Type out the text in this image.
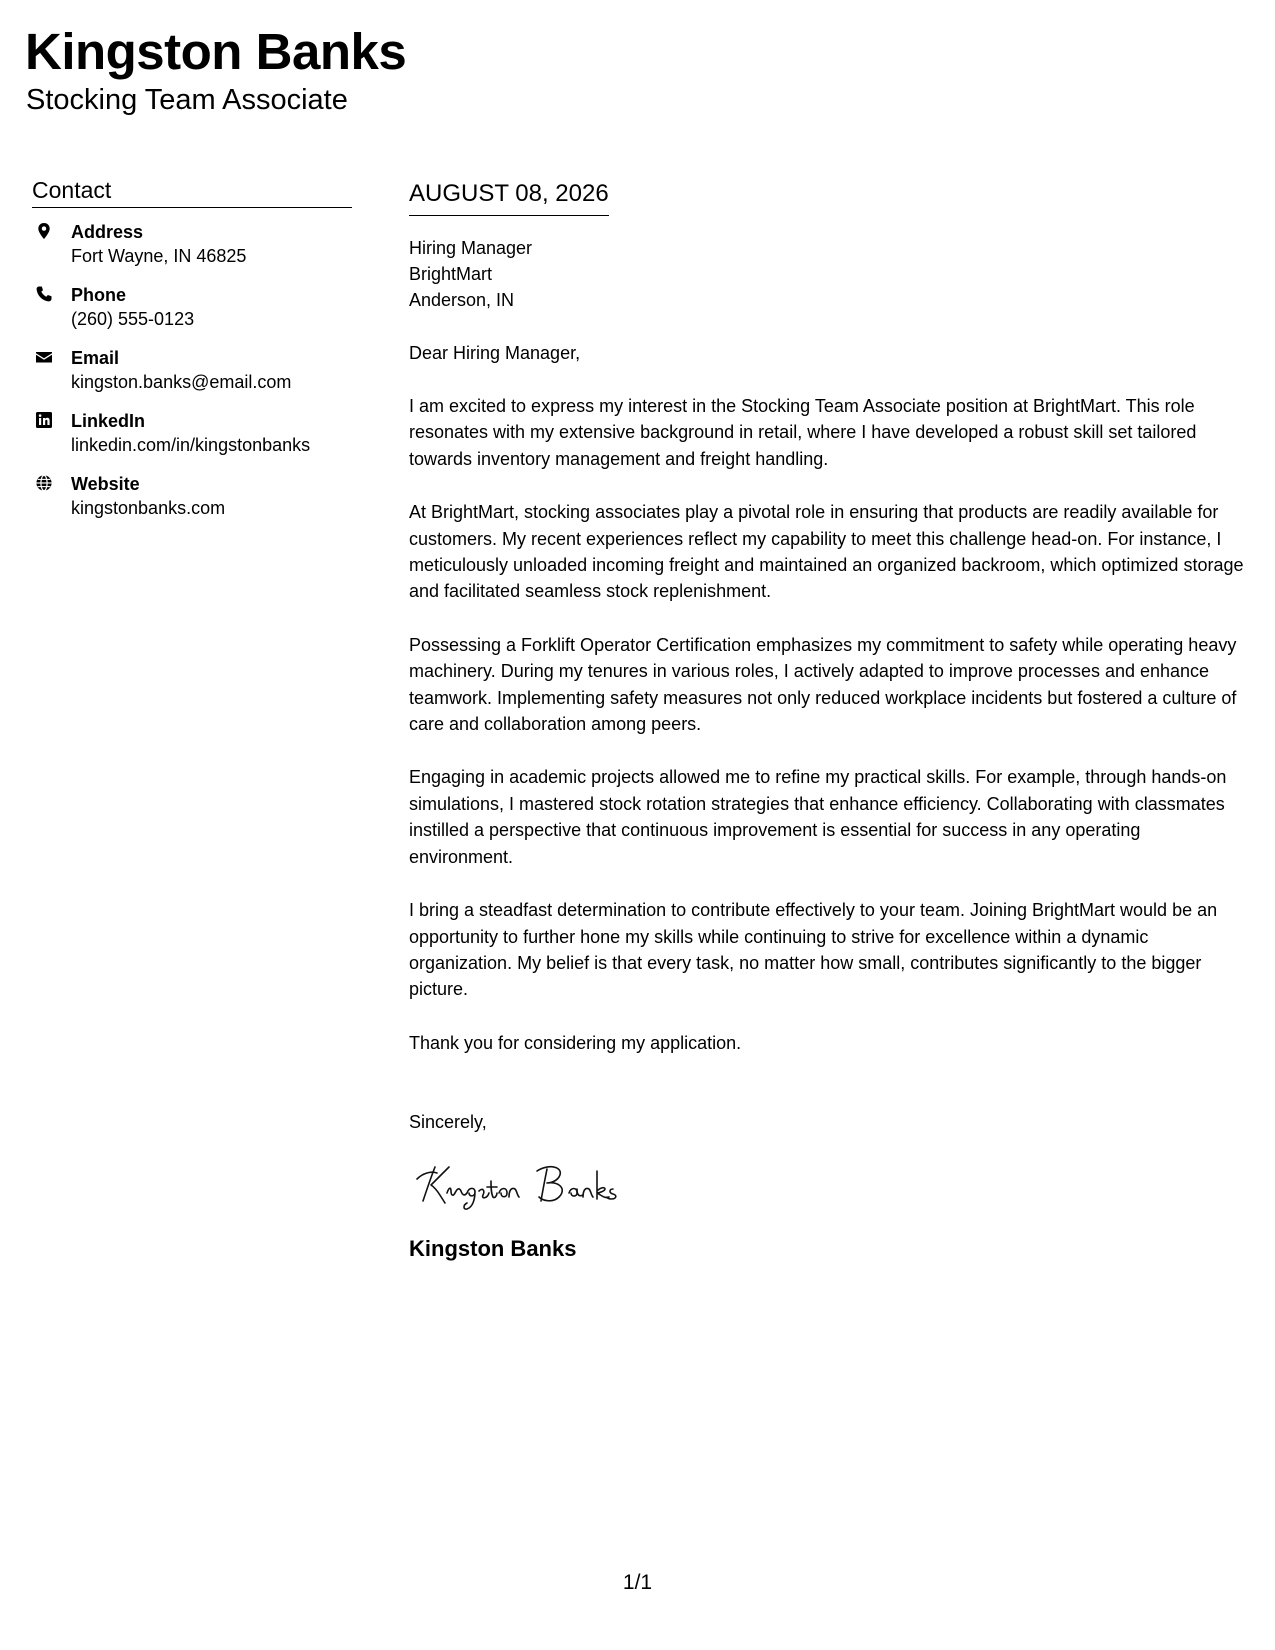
Kingston Banks
Stocking Team Associate
Contact
Address
Fort Wayne, IN 46825
Phone
(260) 555-0123
Email
kingston.banks@email.com
LinkedIn
linkedin.com/in/kingstonbanks
Website
kingstonbanks.com
AUGUST 08, 2026
Hiring Manager
BrightMart
Anderson, IN
Dear Hiring Manager,
I am excited to express my interest in the Stocking Team Associate position at BrightMart. This role resonates with my extensive background in retail, where I have developed a robust skill set tailored towards inventory management and freight handling.
At BrightMart, stocking associates play a pivotal role in ensuring that products are readily available for customers. My recent experiences reflect my capability to meet this challenge head-on. For instance, I meticulously unloaded incoming freight and maintained an organized backroom, which optimized storage and facilitated seamless stock replenishment.
Possessing a Forklift Operator Certification emphasizes my commitment to safety while operating heavy machinery. During my tenures in various roles, I actively adapted to improve processes and enhance teamwork. Implementing safety measures not only reduced workplace incidents but fostered a culture of care and collaboration among peers.
Engaging in academic projects allowed me to refine my practical skills. For example, through hands-on simulations, I mastered stock rotation strategies that enhance efficiency. Collaborating with classmates instilled a perspective that continuous improvement is essential for success in any operating environment.
I bring a steadfast determination to contribute effectively to your team. Joining BrightMart would be an opportunity to further hone my skills while continuing to strive for excellence within a dynamic organization. My belief is that every task, no matter how small, contributes significantly to the bigger picture.
Thank you for considering my application.
Sincerely,
Kingston Banks
1/1
